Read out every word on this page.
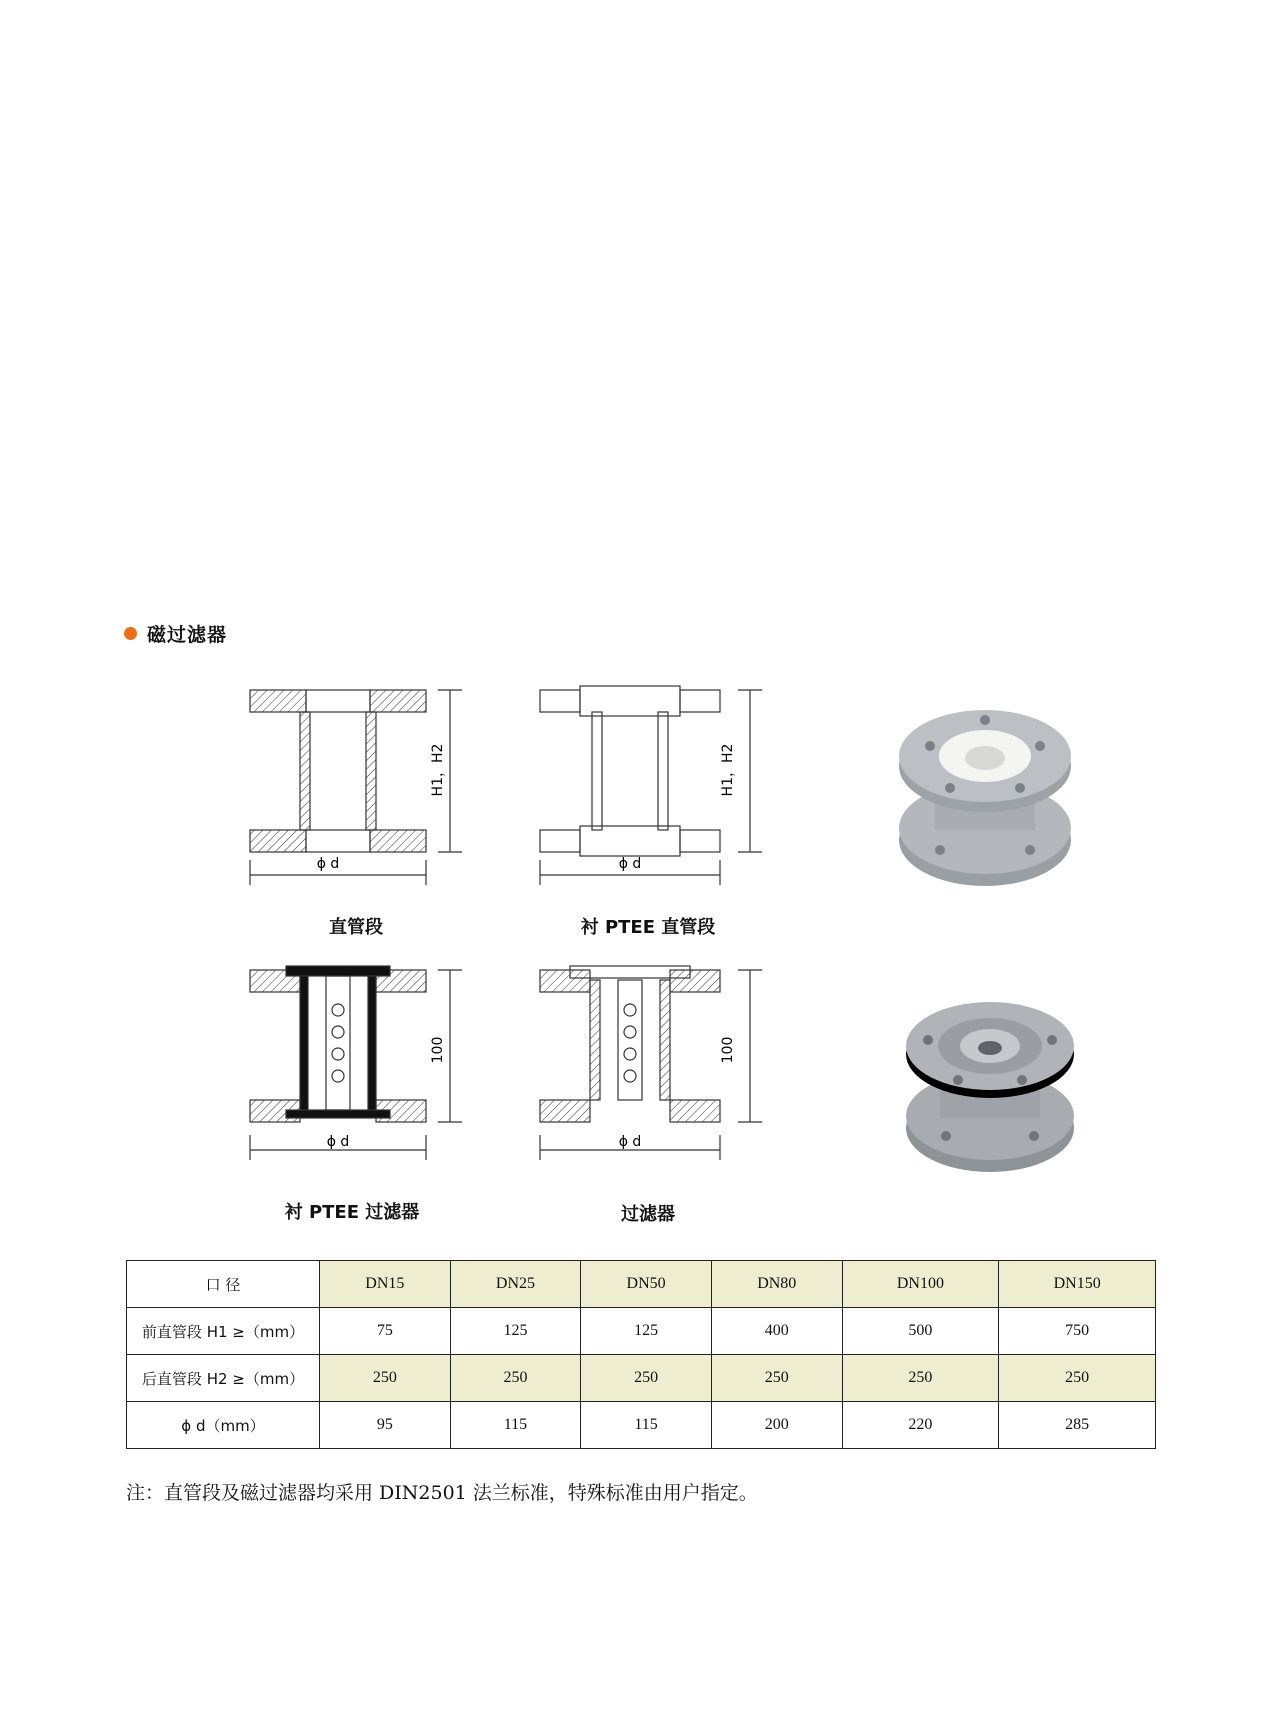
磁过滤器
ϕ d
H1，H2
ϕ d
H1，H2
ϕ d
100
ϕ d
100
直管段	衬 PTEE 直管段
衬 PTEE 过滤器	过滤器
口 径	DN15	DN25	DN50	DN80	DN100	DN150
前直管段 H1 ≥（mm）	75	125	125	400	500	750
后直管段 H2 ≥（mm）	250	250	250	250	250	250
ϕ d（mm）	95	115	115	200	220	285
注：直管段及磁过滤器均采用 DIN2501 法兰标准，特殊标准由用户指定。
